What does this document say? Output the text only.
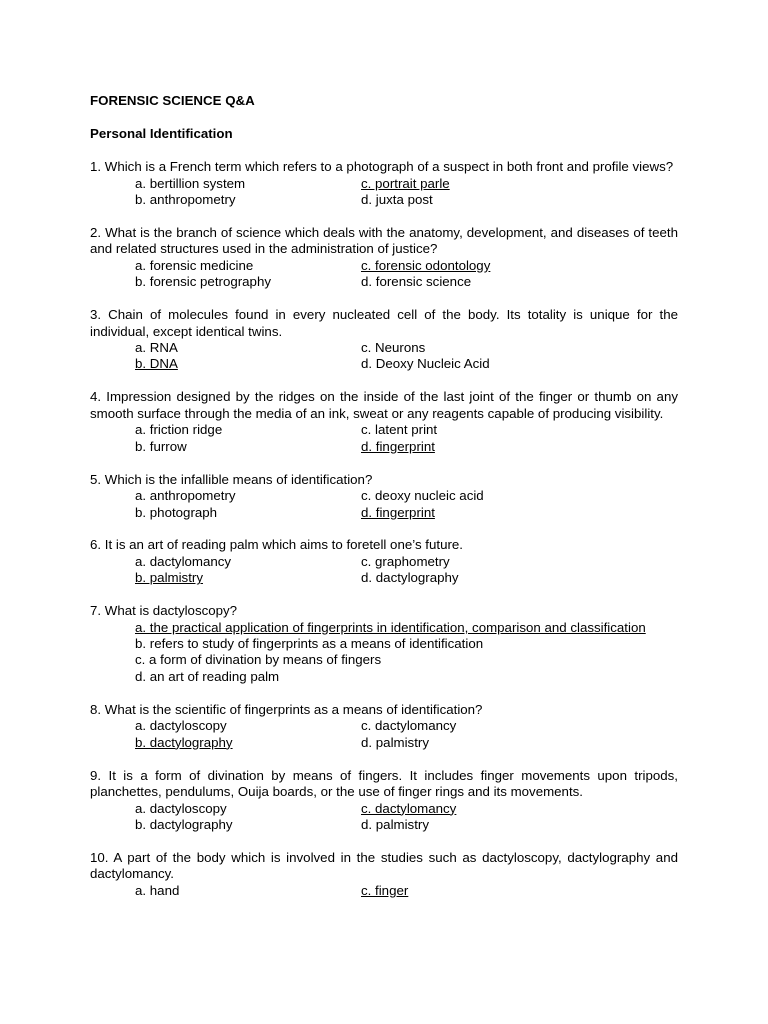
FORENSIC SCIENCE Q&A

Personal Identification

1. Which is a French term which refers to a photograph of a suspect in both front and profile views?

a. bertillion system	c. portrait parle
b. anthropometry	d. juxta post

2. What is the branch of science which deals with the anatomy, development, and diseases of teeth and related structures used in the administration of justice?

a. forensic medicine	c. forensic odontology
b. forensic petrography	d. forensic science

3. Chain of molecules found in every nucleated cell of the body. Its totality is unique for the individual, except identical twins.

a. RNA	c. Neurons
b. DNA	d. Deoxy Nucleic Acid

4. Impression designed by the ridges on the inside of the last joint of the finger or thumb on any smooth surface through the media of an ink, sweat or any reagents capable of producing visibility.

a. friction ridge	c. latent print
b. furrow	d. fingerprint

5. Which is the infallible means of identification?

a. anthropometry	c. deoxy nucleic acid
b. photograph	d. fingerprint

6. It is an art of reading palm which aims to foretell one’s future.

a. dactylomancy	c. graphometry
b. palmistry	d. dactylography

7. What is dactyloscopy?

a. the practical application of fingerprints in identification, comparison and classification
b. refers to study of fingerprints as a means of identification
c. a form of divination by means of fingers
d. an art of reading palm

8. What is the scientific of fingerprints as a means of identification?

a. dactyloscopy	c. dactylomancy
b. dactylography	d. palmistry

9. It is a form of divination by means of fingers. It includes finger movements upon tripods, planchettes, pendulums, Ouija boards, or the use of finger rings and its movements.

a. dactyloscopy	c. dactylomancy
b. dactylography	d. palmistry

10. A part of the body which is involved in the studies such as dactyloscopy, dactylography and dactylomancy.

a. hand	c. finger
